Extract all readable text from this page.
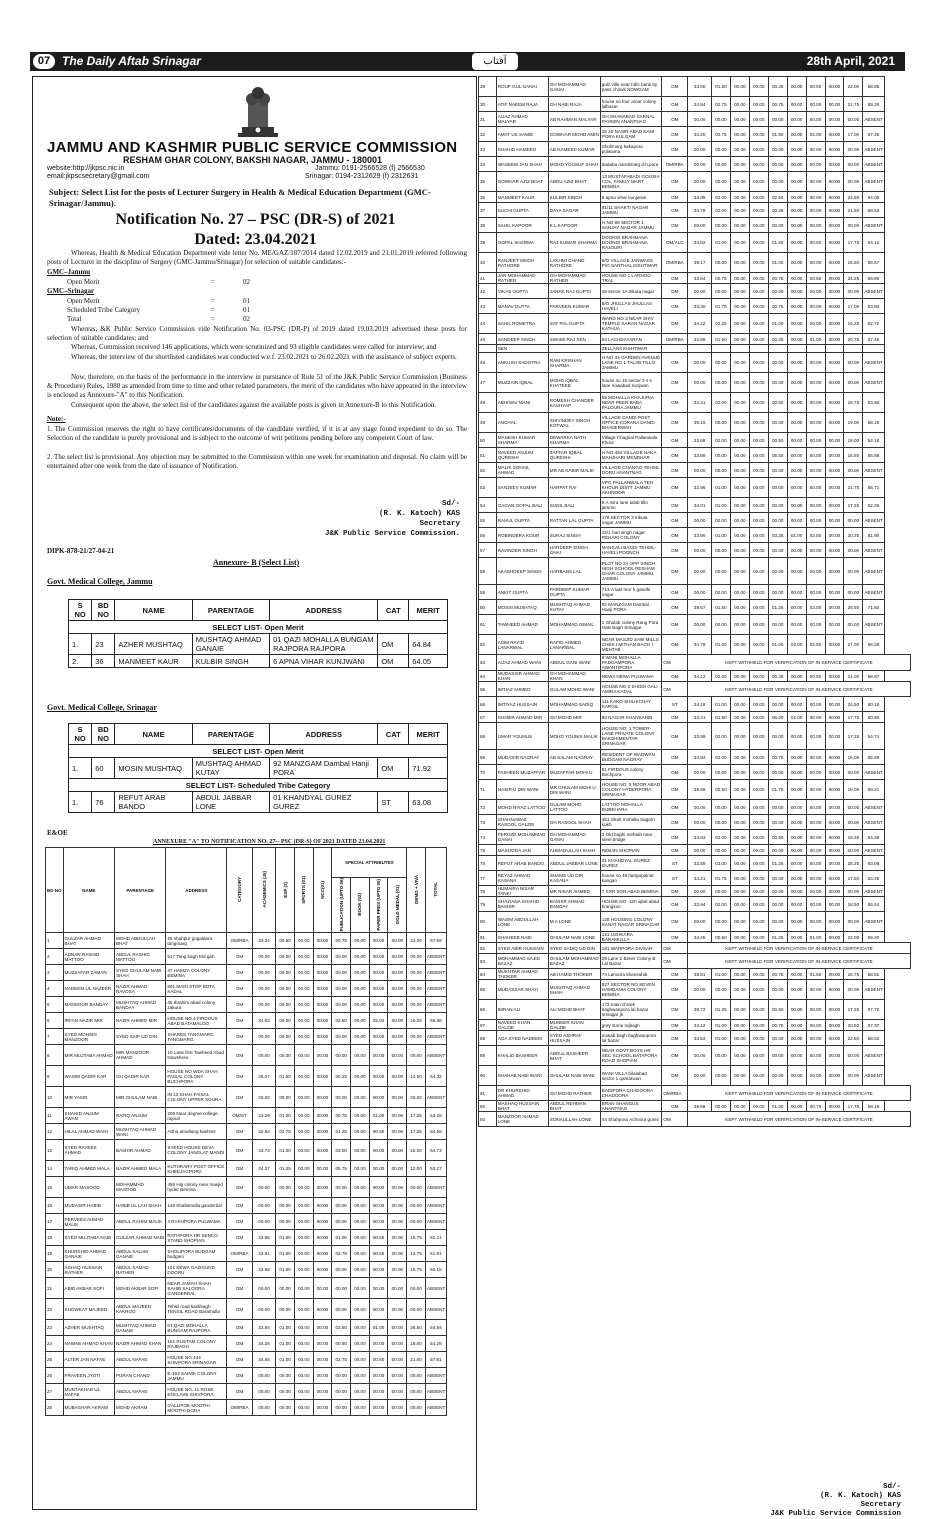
07 The Daily Aftab Srinagar	آفتاب	28th April, 2021
JAMMU AND KASHMIR PUBLIC SERVICE COMMISSION
RESHAM GHAR COLONY, BAKSHI NAGAR, JAMMU - 180001
website:http://jkpsc.nic.in
email:jkpscsecretary@gmail.com
Jammu: 0191-2566528 (f) 2566530
Srinagar: 0194-2312629 (f) 2312631
Subject: Select List for the posts of Lecturer Surgery in Health & Medical Education Department (GMC-Srinagar/Jammu).
Notification No. 27 – PSC (DR-S) of 2021
Dated: 23.04.2021
Whereas, Health & Medical Education Department vide letter No. ME/GAZ/187/2014 dated 12.02.2019 and 21.01.2019 referred following posts of Lecturer in the discipline of Surgery (GMC-Jammu/Srinagar) for selection of suitable candidates:-
GMC–Jammu
Open Merit	=	02
GMC–Srinagar
Open Merit	=	01
Scheduled Tribe Category	=	01
Total	=	02
Whereas, &K Public Service Commission vide Notification No. 03-PSC (DR-P) of 2019 dated 19.03.2019 advertised these posts for selection of suitable candidates; and
Whereas, Commission received 146 applications, which were scrutinized and 93 eligible candidates were called for interview; and
Whereas, the interview of the shortlisted candidates was conducted w.e.f. 23.02.2021 to 26.02.2021 with the assistance of subject experts.
Now, therefore, on the basis of the performance in the interview in pursuance of Rule 51 of the J&K Public Service Commission (Business & Procedure) Rules, 1980 as amended from time to time and other related parameters, the merit of the candidates who have appeared in the interview is enclosed as Annexure-"A" to this Notification.
Consequent upon the above, the select list of the candidates against the available posts is given in Annexure-B to this Notification.
Note:-
1. The Commission reserves the right to have certificates/documents of the candidate verified, if it is at any stage found expedient to do so. The Selection of the candidate is purely provisional and is subject to the outcome of writ petitions pending before any competent Court of law.
2. The select list is provisional. Any objection may be submitted to the Commission within one week for examination and disposal. No claim will be entertained after one week from the date of issuance of Notification.
Sd/-
(R. K. Katoch) KAS
Secretary
J&K Public Service Commission.
DIPK-878-21/27-04-21
Annexure- B (Select List)
Govt. Medical College, Jammu
S NO	BD NO	NAME	PARENTAGE	ADDRESS	CAT	MERIT
SELECT LIST- Open Merit						
1.	23	AZHER MUSHTAQ	MUSHTAQ AHMAD GANAIE	01 QAZI MOHALLA BUNGAM RAJPORA RAJPORA	OM	64.84
2.	36	MANMEET KAUR	KULBIR SINGH	6 APNA VIHAR KUNJWANI	OM	64.05
Govt. Medical College, Srinagar
S NO	BD NO	NAME	PARENTAGE	ADDRESS	CAT	MERIT
SELECT LIST- Open Merit						
1.	60	MOSIN MUSHTAQ	MUSHTAQ AHMAD KUTAY	92 MANZGAM Dambal Hanji PORA	OM	71.92
SELECT LIST- Scheduled Tribe Category						
1.	76	REFUT ARAB BANDO	ABDUL JABBAR LONE	01 KHANDYAL GUREZ GUREZ	ST	63.08
E&OE
ANNEXURE "A" TO NOTIFICATION NO. 27-- PSC (DR-S) OF 2021 DATED 23.04.2021
BD NO	NAME	PARENTAGE	ADDRESS	CATEGORY	ACADEMICS (45)	EXP (3)	SPORTS (01)	NCC(01)	SPECIAL ATTRIBUTES				DEMO + VIVA	TOTAL
									PUBLICATION (UPTO 06)	BOOK (02)	PAPER PRES (UPTO 05)	GOLD MEDAL (01)		
1	GULZAR AHMAD BHAT	MOHD ABDULLAH BHAT	25 shahpur gogaldara tangmarg	OM/RBA	33.34	00.50	00.00	00.00	00.75	00.00	00.00	00.00	23.00	57.59
2	ADNAN RASHID MATTOO	ABDUL RASHID MATTOO	517 Tang bagh Eid gah	OM	00.00	00.00	00.00	00.00	00.00	00.00	00.00	00.00	00.00	ABSENT
3	MUZZAFAR ZAMAN	SYED GHULAM NABI SHAH	47 HAMZA COLONY BEMINA	OM	00.00	00.00	00.00	00.00	00.00	00.00	00.00	00.00	00.00	ABSENT
4	NADEEM UL NAZEER	NAZIR AHMAD RAVOSA	801 MAIN STOP BOTA KADAL	OM	00.00	00.00	00.00	00.00	00.00	00.00	00.00	00.00	00.00	ABSENT
5	MANSOOR BANDAY	MUSHTAQ AHMAD BANDAY	45 Ibrahim abad colony zakura	OM	00.00	00.00	00.00	00.00	00.00	00.00	00.00	00.00	00.00	ABSENT
6	IRFAN NAZIR MIR	NAZIR AHMED MIR	HOUSE NO.4 FIRDOUS ABAD BATAMALOO	OM	34.63	00.00	00.00	00.00	02.50	00.00	02.00	00.00	16.25	55.38
7	SYED MOHSIN MANZOOR	SYED SAIF UD DIN	SHAREE TANGMARG TANGMARG	OM	00.00	00.00	00.00	00.00	00.00	00.00	00.00	00.00	00.00	ABSENT
8	MIR MUJTABA AHMAD	MIR MANZOOR AHMAD	10 Lane first Tawheed Abad Nowshera	OM	00.00	00.00	00.00	00.00	00.00	00.00	00.00	00.00	00.00	ABSENT
9	WASIM QADIR KAR	GH QADIR KAR	HOUSE NO WDA SHAH FAISAL COLONY BUCHPORA	OM	38.07	01.50	00.00	00.00	00.25	00.00	00.00	00.00	14.50	54.32
10	MIR YASIR	MIR GHULAM NABI	IN 13 SHAH FAISAL COLONY UPPER SOURA	OM	00.00	00.00	00.00	00.00	00.00	00.00	00.00	00.00	00.00	ABSENT
11	SHAHID ANJUM AWAN	RAFIQ ANJUM	209 Near degree college rajouri	OM/ST	33.29	01.00	00.00	00.00	00.75	00.00	01.00	00.00	17.25	53.29
12	HILAL AHMAD WANI	MUSHTAQ AHMAD WANI	Arthu amaltang kashmir	OM	32.84	02.75	00.00	00.00	01.25	00.00	00.50	00.00	17.25	54.59
13	SYED RAYEES AHMAD	BASHIR AHMAD	SYEED HOUSE DEVA COLONY JANGLAT MANDI	OM	33.73	01.00	00.00	00.00	03.00	00.00	00.00	00.00	15.00	54.73
14	TARIQ AHMED MALA	NAZIR AHMED MALA	KUTHRARY POST OFFICE KHEEJAGPORA	OM	34.27	01.25	00.00	00.00	05.75	00.00	00.00	00.00	12.00	53.27
15	UMAR MASOOD	MOHAMMAD MASOOD	456 Hig colony near masjid hyder Bemina	OM	00.00	00.00	00.00	00.00	00.00	00.00	00.00	00.00	00.00	ABSENT
16	MUDASIR HABIB	HABIB UL LAH SHAH	149 Khallamulla ganderbal	OM	00.00	00.00	00.00	00.00	00.00	00.00	00.00	00.00	00.00	ABSENT
17	PERVEEZ AHMAD MALIK	ABDUL RAHIM MALIK	4 RAKHPORA PULWAMA	OM	00.00	00.00	00.00	00.00	00.00	00.00	00.00	00.00	00.00	ABSENT
18	SYED MUJTABA NABI	GULZAR AHMAD NABI	RATHPORA HR SENCO STAND SHOPIAN	OM	33.96	01.00	00.00	00.00	01.00	00.00	00.50	00.00	15.75	52.21
19	KHURSHID AHMAD GANAIE	ABDUL SALAM GANAIE	SHOLIPORA BUDGAM budgam	OM/RBA	33.91	01.00	00.00	00.00	02.75	00.00	00.50	00.00	13.75	51.91
20	ASHAQ HUSSAIN RATHER	ABDUL SAMAD RATHER	101 KEWA GAZIGUND DOORU	OM	33.98	01.00	00.00	00.00	00.00	00.00	00.00	00.00	15.75	50.15
21	ABID AKBAR SOFI	MOHD AKBAR SOFI	NEAR JAMAH SHAH SAHIB SALOORA GANDERBAL	OM	00.00	00.00	00.00	00.00	00.00	00.00	00.00	00.00	00.00	ABSENT
22	SHOWKAT MAJEED	ABDUL MAJEED KAKROO	Tehsil road kanlibagh TENSIL ROAD Baramulla	OM	00.00	00.00	00.00	00.00	00.00	00.00	00.00	00.00	00.00	ABSENT
23	AZHER MUSHTAQ	MUSHTAQ AHMAD GANAIE	01 QAZI MOHALLA BUNGAM RAJPORA	OM	33.84	01.00	00.00	00.00	02.50	00.00	01.00	00.00	26.50	64.84
24	NAWAB AHMAD KHAN	NAZIR AHMAD KHAN	151 RUSTAM COLONY RAJBAGH	OM	34.28	01.00	00.00	00.00	00.50	00.00	00.00	00.00	18.00	54.28
25	ALTER JAN NAFAE	ABDUL NAFAE	HOUSE NO 444 SHIVPORA SRINAGAR	OM	34.56	01.00	00.00	00.00	02.75	00.00	00.50	00.00	21.00	57.81
26	PRAVEEN JYOTI	PURAN CHAND	E-163 SAINIK COLONY JAMMU	OM	00.00	00.00	00.00	00.00	00.00	00.00	00.00	00.00	00.00	ABSENT
27	MUNTAKHAB UL NAFAE	ABDUL NAFAE	HOUSE NO. 11 ROSE ENCLAVE SHIVPORA	OM	00.00	00.00	00.00	00.00	00.00	00.00	00.00	00.00	00.00	ABSENT
28	MUBASHAR AKRAM	MOHD AKRAM	GALLIPOE MOOTHI MOOTHI DODA	OM/RBA	00.00	00.00	00.00	00.00	00.00	00.00	00.00	00.00	00.00	ABSENT
29	ROUF GUL GANAI	GH MOHAMMAD GANAI	gulz ville near hdfc bank by pass chowk NOWGAM	OM	33.60	01.50	00.00	00.00	00.25	00.00	00.50	00.00	22.00	58.85
30	ATIF NAEEM RAJA	GH NABI RAJA	house no four amar colony lalbazar	OM	34.84	02.75	00.00	00.00	00.75	00.00	00.00	00.00	21.75	59.29
31	AIJAZ AHMAD MALYAR	AB RAHMAN MALYAR	GH.SHANABAD SARNAL PAYEEN ANANTNAG	OM	00.00	00.00	00.00	00.00	00.00	00.00	00.00	00.00	00.00	ABSENT
32	AMAT US SAMIE	GOWHAR MOHD AMIN	25 25 NASIR ABAD KANI PORA KULGAM	OM	34.20	02.75	00.00	00.00	01.50	00.00	02.00	00.00	17.00	57.45
33	SHAHID HAMEED	AB HAMEED KUMAR	Sholimarg kakapora pulwama	OM	00.00	00.00	00.00	00.00	00.00	00.00	00.00	00.00	00.00	ABSENT
34	WASEEM JAN SHAH	MOHD YOUSUF SHAH	dadaba nandimarg d.h.pora	OM/RBA	00.00	00.00	00.00	00.00	00.00	00.00	00.00	00.00	00.00	ABSENT
35	GOWHAR AZIZ BHAT	ABDU AZIZ BHAT	13 MUSTAFABAD/ GOUSIA COL, FAMILY MART BEMINA	OM	00.00	00.00	00.00	00.00	00.00	00.00	00.00	00.00	00.00	ABSENT
36	MANMEET KAUR	KULBIR SINGH	6 apna vihar kunjwani	OM	34.85	02.00	00.00	00.00	02.50	00.00	00.00	00.00	24.50	64.05
37	SUCHI GUPTA	DAYA SAGAR	91/11 SHAKTI NAGAR JAMMU	OM	34.78	02.00	00.00	00.00	00.25	00.00	00.00	00.00	21.50	59.53
38	SAHIL KAPOOR	K L KAPOOR	H NO 88 SECTOR 1 SANJAY NAGAR JAMMU	OM	00.00	00.00	00.00	00.00	00.00	00.00	00.00	00.00	00.00	ABSENT
39	GOPAL SHARMA	RAJ KUMAR SHARMA	DOONGI BRAHMANA DOONGI BRAHMANA RAJOURI	OM/ALC	33.62	01.00	00.00	00.00	01.25	00.00	00.50	00.00	17.75	54.12
40	RANJEET SINGH RATHORE	LAKHMI CHAND RATHORE	8/O VILLAGE JANWASS P/O SARTHAL KISHTWAR	OM/RBA	39.17	00.00	00.00	00.00	01.00	00.00	00.00	00.00	15.50	55.67
41	JAN MOHAMMAD RATHER	GH MOHAMMAD RATHER	HOUSE NO 1 LARNOO TRAL	OM	33.64	00.75	00.00	00.00	00.75	00.00	00.50	00.00	24.25	59.89
42	VIKAS GUPTA	JANAK RAJ GUPTA	49 sector 1A trikuta nagar	OM	00.00	00.00	00.00	00.00	00.00	00.00	00.00	00.00	00.00	ABSENT
43	MANAV DUTTA	PARVEEN KUMAR	8/O JHULLAS JHULLAS HAVELI	OM	33.30	01.75	00.00	00.00	00.75	00.00	00.00	00.00	17.00	53.80
44	SAHIL ROMETRA	SAT PAL GUPTA	WARD NO 3 NEAR SHIV TEMPLE KARAN NAGAR KATHUA	OM	34.22	02.25	00.00	00.00	01.00	00.00	00.00	00.00	15.25	52.72
45	SANDEEP SINGH	SWAMI RAJ SEN	64 LACHDAYARAN	OM/RBA	33.95	01.50	00.00	00.00	00.25	00.00	01.00	00.00	20.75	57.45
	SEN		ZELLANA KISHTWAR											
46	ANKUSH SADOTRA	RAM KRISHAN SHARMA	H NO 33 GARDEN AVENUE LANE NO 1 TALAB TILLO JAMMU	OM	00.00	00.00	00.00	00.00	00.00	00.00	00.00	00.00	00.00	ABSENT
47	MUZZAIN IQBAL	MOHD IQBAL KHATEEB	house no 15 sector 2 s s lane nowabad sunjwan	OM	00.00	00.00	00.00	00.00	00.00	00.00	00.00	00.00	00.00	ABSENT
48	ABHINAV MANI	ROMESH CHANDER KASHYAP	59 MOHALLA KHAJURIA NEAR PEER BABA PALOURA JAMMU	OM	34.31	02.00	00.00	00.00	00.50	00.00	00.00	00.00	15.75	53.56
49	ANCHAL	SHIVINDEY SINGH KOTWAL	VILLAGE DANDI POST OFFICE KORANA DANDI BHADERWAH	OM	39.19	00.00	00.00	00.00	00.00	00.00	00.00	00.00	19.00	58.19
50	MANESH KUMAR SHARMA	DEWARKA NATH SHARMA	Village Chagrial Pallanwala Khour	OM	33.68	02.00	00.00	00.00	00.50	00.00	00.00	00.00	18.00	54.18
51	NAVEED ANJUM QURESHI	ZAFFAR IQBAL QURESHI	H NO 454 VILLAGE NAKA MANJHARI MENDHAR	OM	33.88	00.00	00.00	00.00	05.50	00.00	00.00	00.00	16.50	55.88
52	MALIK SOHAIL AHMAD	MR AB KABIR MALIK	VILLAGE CHANGO TEHSIL DORU ANANTNAG	OM	00.00	00.00	00.00	00.00	00.00	00.00	00.00	00.00	00.00	ABSENT
53	SANJEEV KUMAR	HARPAT RAI	VPO PALLANWALA TEH KHOUR DISTT JAMMU AKHNOOR	OM	32.96	01.00	00.00	00.00	00.00	00.00	00.00	00.00	21.75	56.71
54	GAGAN GOPAL BALI	SUNIL BALI	9 A mira lane talab tillo jammu	OM	34.01	01.00	00.00	00.00	00.00	00.00	00.00	00.00	17.25	52.26
55	RAHUL GUPTA	RATTAN LAL GUPTA	178 SECTOR 3 trikuta nagar JAMMU	OM	00.00	00.00	00.00	00.00	00.00	00.00	00.00	00.00	00.00	ABSENT
56	ROBINDERA KOUR	SURAJ SINGH	22/1 hari singh nagar REHARI COLONY	OM	33.90	01.00	00.00	00.00	03.25	01.00	02.50	00.00	20.25	61.90
57	RAVINDER SINGH	HARDEEP SINGH GHAI	NANGALI BANGI TEHSIL-HAVELI POONCH	OM	00.00	00.00	00.00	00.00	00.00	00.00	00.00	00.00	00.00	ABSENT
58	AKASHDEEP SINGH	HARBANS LAL	PLOT NO 24 OPP SINGH HIGH SCHOOL RESHAM GHAR COLONY JAMMU JAMMU	OM	00.00	00.00	00.00	00.00	00.00	00.00	00.00	00.00	00.00	ABSENT
59	ANKIT GUPTA	PARDEEP KUMAR GUPTA	713-A last mor h gandhi nagar	OM	00.00	00.00	00.00	00.00	00.00	00.00	00.00	00.00	00.00	ABSENT
60	MOSIN MUSHTAQ	MUSHTAQ AHMAD KUTAY	92 MANZGAM Dambal Hanji PORA	OM	39.67	01.50	00.00	00.00	01.25	00.00	03.00	00.00	26.50	71.92
61	TAWHEED AHMAD	MOHAMMAD ISMAIL	1 Ghulab colony Rang Pora Haki Bagh Srinagar	OM	00.00	00.00	00.00	00.00	00.00	00.00	00.00	00.00	00.00	ABSENT
62	ASIM RAYID LANARWAL	RAFID AHMED LANARWAL	NEAR MASJID SAW MILLS CHEK I MITHAN BAGH I MEHTAB	OM	34.78	01.00	00.00	00.00	01.00	02.00	02.50	00.00	27.00	68.28
63	AIJAZ AHMAD WANI	ABDUL GANI WANI	8 WANI MOHALLA PADGAMPORA AWANTIPORA	OM	KEPT WITHHELD FOR VERIFICATION OF IN-SERVICE CERTIFICATE									
64	MUDASSIR AHMAD KHAN	GH MOHAMMAD KHAN	NEWA NEWA PULWAMA	OM	34.12	02.00	00.00	00.00	00.25	00.00	00.50	00.00	21.00	58.87
65	IMTIAZ AHMED	GULAM MOHD WANI	HOUSE NO 2 SHODI GALI AMIRA KADAL	OM	KEPT WITHHELD FOR VERIFICATION OF IN-SERVICE CERTIFICATE									
66	IMTIYAZ HUSSAIN	MOHAMMAD SADIQ	111 KAKO SHILIKCHAY KARGIL	ST	34.18	01.00	00.00	00.00	00.00	00.00	00.00	00.00	24.50	60.18
67	SHABIR AHMAD MIR	GH MOHD MIR	80 NAGAR KHANSAHIB	OM	33.41	01.50	00.00	00.00	06.00	02.00	00.00	00.00	17.75	60.66
68	UMAR YOUNUS	MOHD YOUNIS MALIK	HOUSE NO. 1 TOWER-LANE PRIVATE COLONY BAKSHIMENTAR SRINAGAR	OM	33.99	02.00	00.00	00.00	00.00	00.00	00.00	00.00	17.25	54.74
69	MUDASIR NAGRAY	AB SALAM NAGRAY	RESIDENT OF WADWAN BUDGAM NAGRAY	OM	34.94	02.00	00.00	00.00	00.75	00.00	00.50	00.00	16.00	55.69
70	FASHEEN MUZAFFAR	MUZAFFAR MOHI U	81 FIRDOUS colony Bochpora	OM	00.00	00.00	00.00	00.00	00.00	00.00	00.00	00.00	00.00	ABSENT
71	NASIR U DIN WANI	MR GHULAM MOHI U DIN WANI	HOUSE NO. 5 NOOR ABAD COLONY HYDERPORA SRINAGAR	OM	38.96	00.50	00.00	00.00	01.75	00.00	00.00	00.00	18.00	59.21
72	MOHD RIYAZ LATTOO	GULAM MOHD LATTOO	LATTOO MOHALLA BIJBEHARA	OM	00.00	00.00	00.00	00.00	00.00	00.00	00.00	00.00	00.00	ABSENT
73	SHAHNAWAZ RASOOL GALZIE	GH RASOOL SHAH	451 Shah mohalla Sagam kokh	OM	00.00	00.00	00.00	00.00	00.00	00.00	00.00	00.00	00.00	ABSENT
74	FEROZE MOHAMMAD GANAI	GH MOHAMMAD GANAI	3 Old baghi mehtab near steel bridge	OM	33.63	02.00	00.00	00.00	00.50	00.00	00.00	00.00	18.25	54.38
75	MASOODA JAN	AHMADULLAH SHAH	REBAN SHOPIAN	OM	00.00	00.00	00.00	00.00	00.00	00.00	00.00	00.00	00.00	ABSENT
76	REFUT ARAB BANDO	ABDUL JABBAR LONE	01 KHANDYAL GUREZ GUREZ	ST	33.58	03.00	00.00	00.00	01.25	00.00	00.00	00.00	25.25	63.08
77	REYAZ AHMAD KASANA	SHAMS UD DIN KASANA	house no 48 harigopalnar kangan	ST	34.21	01.75	00.00	00.00	00.00	00.00	00.00	00.00	17.50	53.46
78	HUMAIRA NISAR TANKI	MR NISAR AHMED	7 SSR SGR ABAD BEMINA	OM	00.00	00.00	00.00	00.00	00.00	00.00	00.00	00.00	00.00	ABSENT
79	SHAZIANA SHAHID BASHIR	BASHIR AHMAD BANDAY	HOUSE NO. 120 iqbal abad krangsoo	OM	33.94	02.00	00.00	00.00	00.00	00.00	00.00	00.00	18.50	56.44
80	WASIM ABDULLAH LONE	M A LONE	128 HOUSING COLONY SANAT NAGAR SRINAGAR	OM	00.00	00.00	00.00	00.00	00.00	00.00	00.00	00.00	00.00	ABSENT
81	SHAHEEB NABI	GHULAM NABI LONE	121 USHKARA BARAMULLA	OM	34.45	00.50	00.00	00.00	01.25	00.00	01.00	00.00	22.00	59.20
82	SYED ABIR HUSSAIN	SYED SADIQ UD DIN	181 WARPORA DIVSAR	OM	KEPT WITHHELD FOR VERIFICATION OF IN-SERVICE CERTIFICATE									
83	MOHAMMAD SAJID BAZAZ	GHULAM MOHAMMAD BAZAZ	29 Lane 2 Bimer Colony B Lal Bazar	OM	KEPT WITHHELD FOR VERIFICATION OF IN-SERVICE CERTIFICATE									
84	MUKHTAR AHMAD THOKER	AB HAMID THOKER	74 Lanoora khansahib	OM	38.81	01.00	00.00	00.00	00.75	00.00	01.50	00.00	16.75	58.81
85	MUDASSAR SHAH	MUSHTAQ AHMAD SHAH	827 SECTOR NO SEVEN HAMDANIA COLONY BEMINA	OM	00.00	00.00	00.00	00.00	00.00	00.00	00.00	00.00	00.00	ABSENT
86	IMRAN ALI	ALI MOHD BHAT	173 main chowk baghwanpora lal bazar srinagar jk	OM	38.72	01.25	00.00	00.00	00.50	00.00	00.00	00.00	17.25	57.72
87	NAVEED KHAN GALZIE	MUNEER KHAN GALZIE	grey stone rajbagh	OM	34.12	01.00	00.00	00.00	00.75	00.00	00.00	00.00	20.50	57.37
88	AGA SYED NADEEM	SYED ASHRAF HUSSAIN	nowab bagh baghwanpora lal bazar	OM	34.53	01.00	00.00	00.00	00.00	00.00	00.00	00.00	22.50	58.53
89	KHALID BASHEER	ABDUL BASHEER BHAT	NEAR GOVT BOYS HR SEC SCHOOL BATAPORA ROAD SHOPIAN	OM	00.00	00.00	00.00	00.00	00.00	00.00	00.00	00.00	00.00	ABSENT
90	SHAHAB NABI WANI	GHULAM NABI WANI	WANI VILLA bilalabad sector 1 qamarwari	OM	00.00	00.00	00.00	00.00	00.00	00.00	00.00	00.00	00.00	ABSENT
91	DR KHURSHID AHMAD	GH MOHD RATHER	BADIPORA CHADOORA CHADOORA	OM/RBA	KEPT WITHHELD FOR VERIFICATION OF IN-SERVICE CERTIFICATE									
92	MASHAQ HUSSAIN BHAT	ABDUL REHMAN BHAT	BRAN SHANGUS ANANTNAG	OM	38.68	00.00	00.00	00.00	01.00	00.00	00.75	00.00	17.75	58.18
93	MANZOOR AHMAD LONE	SONAULLAH LONE	44 Shahpora Achoora gurez	OM	KEPT WITHHELD FOR VERIFICATION OF IN-SERVICE CERTIFICATE									
Sd/-
(R. K. Katoch) KAS
Secretary
J&K Public Service Commission
